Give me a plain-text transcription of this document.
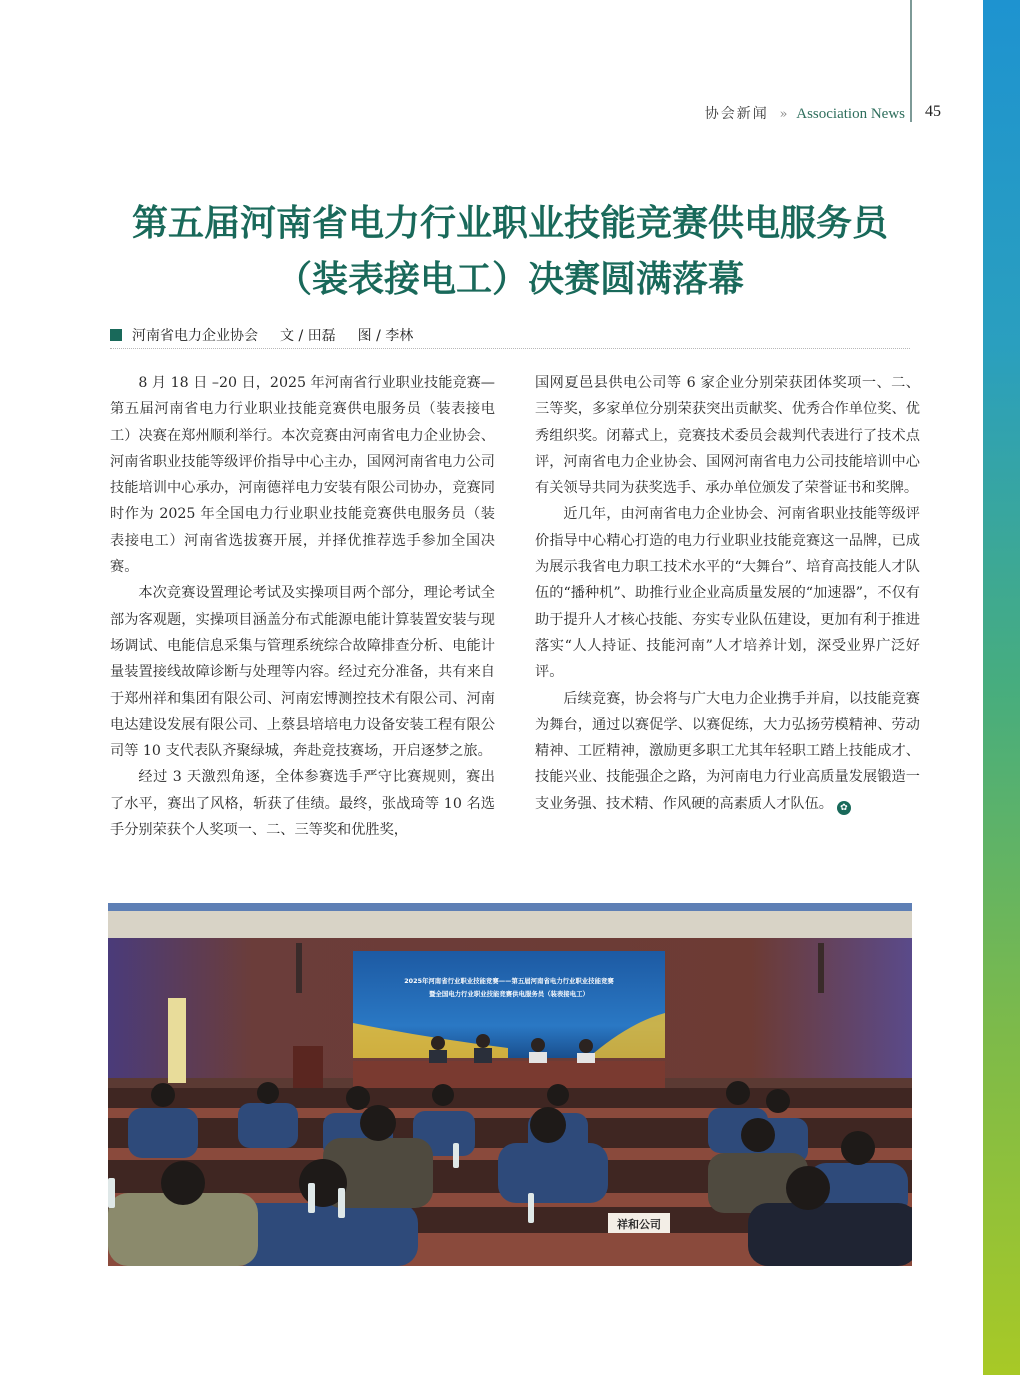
协会新闻 » Association News 45
第五届河南省电力行业职业技能竞赛供电服务员
（装表接电工）决赛圆满落幕
河南省电力企业协会 文 / 田磊 图 / 李林

8 月 18 日 –20 日，2025 年河南省行业职业技能竞赛—第五届河南省电力行业职业技能竞赛供电服务员（装表接电工）决赛在郑州顺利举行。本次竞赛由河南省电力企业协会、河南省职业技能等级评价指导中心主办，国网河南省电力公司技能培训中心承办，河南德祥电力安装有限公司协办，竞赛同时作为 2025 年全国电力行业职业技能竞赛供电服务员（装表接电工）河南省选拔赛开展，并择优推荐选手参加全国决赛。

本次竞赛设置理论考试及实操项目两个部分，理论考试全部为客观题，实操项目涵盖分布式能源电能计算装置安装与现场调试、电能信息采集与管理系统综合故障排查分析、电能计量装置接线故障诊断与处理等内容。经过充分准备，共有来自于郑州祥和集团有限公司、河南宏博测控技术有限公司、河南电达建设发展有限公司、上蔡县培培电力设备安装工程有限公司等 10 支代表队齐聚绿城，奔赴竞技赛场，开启逐梦之旅。

经过 3 天激烈角逐，全体参赛选手严守比赛规则，赛出了水平，赛出了风格，斩获了佳绩。最终，张战琦等 10 名选手分别荣获个人奖项一、二、三等奖和优胜奖，

国网夏邑县供电公司等 6 家企业分别荣获团体奖项一、二、三等奖，多家单位分别荣获突出贡献奖、优秀合作单位奖、优秀组织奖。闭幕式上，竞赛技术委员会裁判代表进行了技术点评，河南省电力企业协会、国网河南省电力公司技能培训中心有关领导共同为获奖选手、承办单位颁发了荣誉证书和奖牌。

近几年，由河南省电力企业协会、河南省职业技能等级评价指导中心精心打造的电力行业职业技能竞赛这一品牌，已成为展示我省电力职工技术水平的“大舞台”、培育高技能人才队伍的“播种机”、助推行业企业高质量发展的“加速器”，不仅有助于提升人才核心技能、夯实专业队伍建设，更加有利于推进落实“人人持证、技能河南”人才培养计划，深受业界广泛好评。

后续竞赛，协会将与广大电力企业携手并肩，以技能竞赛为舞台，通过以赛促学、以赛促练，大力弘扬劳模精神、劳动精神、工匠精神，激励更多职工尤其年轻职工踏上技能成才、技能兴业、技能强企之路，为河南电力行业高质量发展锻造一支业务强、技术精、作风硬的高素质人才队伍。 ✿

2025年河南省行业职业技能竞赛——第五届河南省电力行业职业技能竞赛
暨全国电力行业职业技能竞赛供电服务员（装表接电工）
祥和公司
